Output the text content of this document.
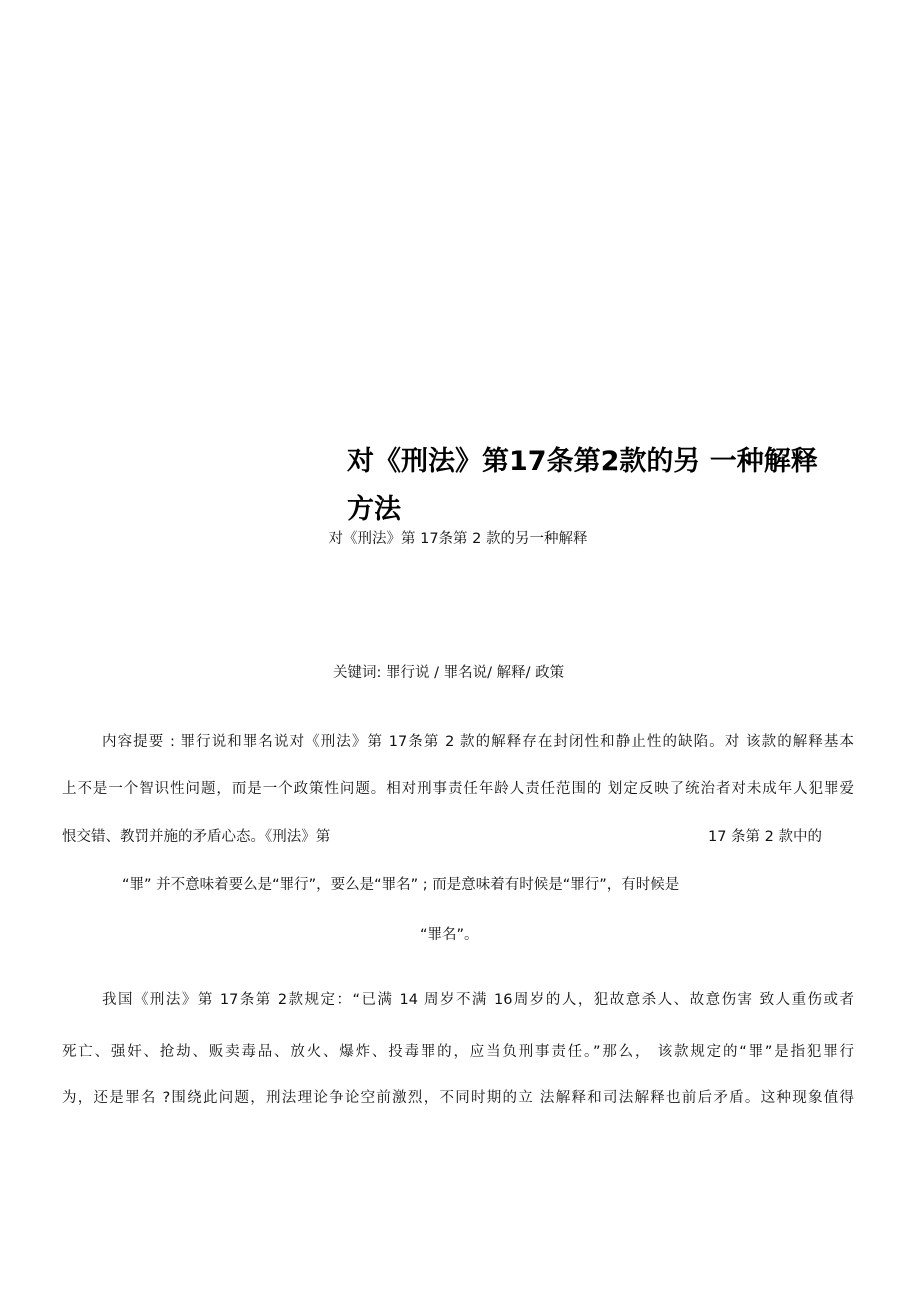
对《刑法》第17条第2款的另 一种解释
方法
对《刑法》第 17条第 2 款的另一种解释
关键词: 罪行说 / 罪名说/ 解释/ 政策
内容提要 : 罪行说和罪名说对《刑法》第 17条第 2 款的解释存在封闭性和静止性的缺陷。对 该款的解释基本
上不是一个智识性问题，而是一个政策性问题。相对刑事责任年龄人责任范围的 划定反映了统治者对未成年人犯罪爱
恨交错、教罚并施的矛盾心态。《刑法》第	17 条第 2 款中的
“罪” 并不意味着要么是“罪行”，要么是“罪名” ; 而是意味着有时候是“罪行”，有时候是
“罪名”。
我国《刑法》第 17条第 2款规定：“已满 14 周岁不满 16周岁的人，犯故意杀人、故意伤害 致人重伤或者
死亡、强奸、抢劫、贩卖毒品、放火、爆炸、投毒罪的，应当负刑事责任。”那么， 该款规定的“罪”是指犯罪行
为，还是罪名 ?围绕此问题，刑法理论争论空前激烈，不同时期的立 法解释和司法解释也前后矛盾。这种现象值得
